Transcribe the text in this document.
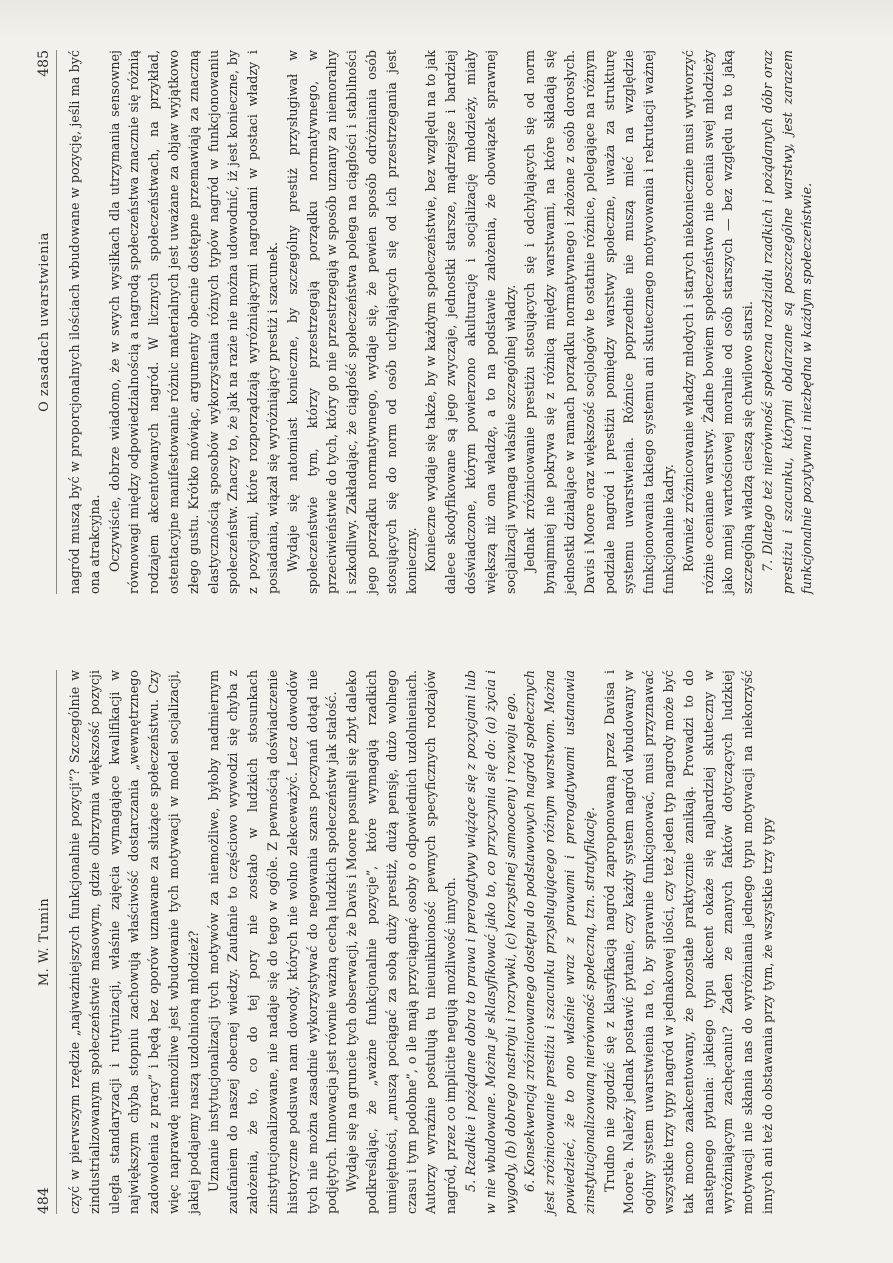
484
M. W. Tumin czyć w pierwszym rzędzie „najważniejszych funkcjonalnie pozycji”? Szczególnie w zindustrializowanym społeczeństwie masowym, gdzie olbrzymia większość pozycji uległa standaryzacji i rutynizacji, właśnie zajęcia wymagające kwalifikacji w największym chyba stopniu zachowują właściwość dostarczania „wewnętrznego zadowolenia z pracy” i będą bez oporów uznawane za służące społeczeństwu. Czy więc naprawdę niemożliwe jest wbudowanie tych motywacji w model socjalizacji, jakiej podajemy naszą uzdolnioną młodzież? Uznanie instytucjonalizacji tych motywów za niemożliwe, byłoby nadmiernym zaufaniem do naszej obecnej wiedzy. Zaufanie to częściowo wywodzi się chyba z założenia, że to, co do tej pory nie zostało w ludzkich stosunkach zinstytucjonalizowane, nie nadaje się do tego w ogóle. Z pewnością doświadczenie historyczne podsuwa nam dowody, których nie wolno zlekceważyć. Lecz dowodów tych nie można zasadnie wykorzystywać do negowania szans poczynań dotąd nie podjętych. Innowacja jest równie ważną cechą ludzkich społeczeństw jak stałość. Wydaje się na gruncie tych obserwacji, że Davis i Moore posunęli się zbyt daleko podkreślając, że „ważne funkcjonalnie pozycje”, które wymagają rzadkich umiejętności, „muszą pociągać za sobą duży prestiż, dużą pensję, dużo wolnego czasu i tym podobne”, o ile mają przyciągnąć osoby o odpowiednich uzdolnieniach. Autorzy wyraźnie postulują tu nieuniknioność pewnych specyficznych rodzajów nagród, przez co implicite negują możliwość innych. 5. Rzadkie i pożądane dobra to prawa i prerogatywy wiążące się z pozycjami lub w nie wbudowane. Można je sklasyfikować jako to, co przyczynia się do: (a) życia i wygody, (b) dobrego nastroju i rozrywki, (c) korzystnej samooceny i rozwoju ego. 6. Konsekwencją zróżnicowanego dostępu do podstawowych nagród społecznych jest zróżnicowanie prestiżu i szacunku przysługującego różnym warstwom. Można powiedzieć, że to ono właśnie wraz z prawami i prerogatywami ustanawia zinstytucjonalizowaną nierówność społeczną, tzn. stratyfikację. Trudno nie zgodzić się z klasyfikacją nagród zaproponowaną przez Davisa i Moore'a. Należy jednak postawić pytanie, czy każdy system nagród wbudowany w ogólny system uwarstwienia na to, by sprawnie funkcjonować, musi przyznawać wszystkie trzy typy nagród w jednakowej ilości, czy też jeden typ nagrody może być tak mocno zaakcentowany, że pozostałe praktycznie zanikają. Prowadzi to do następnego pytania: jakiego typu akcent okaże się najbardziej skuteczny w wyróżniającym zachęcaniu? Żaden ze znanych faktów dotyczących ludzkiej motywacji nie skłania nas do wyróżniania jednego typu motywacji na niekorzyść innych ani też do obstawania przy tym, że wszystkie trzy typy

O zasadach uwarstwienia
485 nagród muszą być w proporcjonalnych ilościach wbudowane w pozycję, jeśli ma być ona atrakcyjna. Oczywiście, dobrze wiadomo, że w swych wysiłkach dla utrzymania sensownej równowagi między odpowiedzialnością a nagrodą społeczeństwa znacznie się różnią rodzajem akcentowanych nagród. W licznych społeczeństwach, na przykład, ostentacyjne manifestowanie różnic materialnych jest uważane za objaw wyjątkowo złego gustu. Krótko mówiąc, argumenty obecnie dostępne przemawiają za znaczną elastycznością sposobów wykorzystania różnych typów nagród w funkcjonowaniu społeczeństw. Znaczy to, że jak na razie nie można udowodnić, iż jest konieczne, by z pozycjami, które rozporządzają wyróżniającymi nagrodami w postaci władzy i posiadania, wiązał się wyróżniający prestiż i szacunek. Wydaje się natomiast konieczne, by szczególny prestiż przysługiwał w społeczeństwie tym, którzy przestrzegają porządku normatywnego, w przeciwieństwie do tych, który go nie przestrzegają w sposób uznany za niemoralny i szkodliwy. Zakładając, że ciągłość społeczeństwa polega na ciągłości i stabilności jego porządku normatywnego, wydaje się, że pewien sposób odróżniania osób stosujących się do norm od osób uchylających się od ich przestrzegania jest konieczny. Konieczne wydaje się także, by w każdym społeczeństwie, bez względu na to jak dalece skodyfikowane są jego zwyczaje, jednostki starsze, mądrzejsze i bardziej doświadczone, którym powierzono akulturację i socjalizację młodzieży, miały większą niż ona władzę, a to na podstawie założenia, że obowiązek sprawnej socjalizacji wymaga właśnie szczególnej władzy. Jednak zróżnicowanie prestiżu stosujących się i odchylających się od norm bynajmniej nie pokrywa się z różnicą między warstwami, na które składają się jednostki działające w ramach porządku normatywnego i złożone z osób dorosłych. Davis i Moore oraz większość socjologów te ostatnie różnice, polegające na różnym podziale nagród i prestiżu pomiędzy warstwy społeczne, uważa za strukturę systemu uwarstwienia. Różnice poprzednie nie muszą mieć na względzie funkcjonowania takiego systemu ani skutecznego motywowania i rekrutacji ważnej funkcjonalnie kadry. Również zróżnicowanie władzy młodych i starych niekoniecznie musi wytworzyć różnie oceniane warstwy. Żadne bowiem społeczeństwo nie ocenia swej młodzieży jako mniej wartościowej moralnie od osób starszych — bez względu na to jaką szczególną władzą cieszą się chwilowo starsi. 7. Dlatego też nierówność społeczna rozdziału rzadkich i pożądanych dóbr oraz prestiżu i szacunku, którymi obdarzane są poszczególne warstwy, jest zarazem funkcjonalnie pozytywna i niezbędna w każdym społeczeństwie.
